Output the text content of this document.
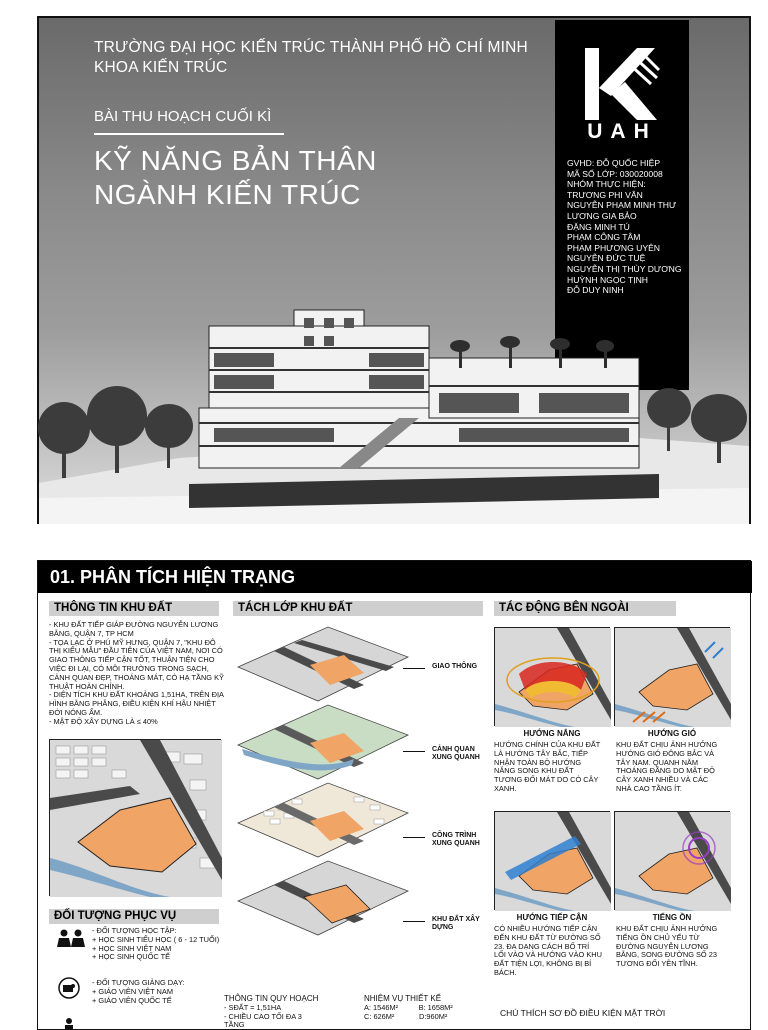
TRƯỜNG ĐẠI HỌC KIẾN TRÚC THÀNH PHỐ HỒ CHÍ MINH
KHOA KIẾN TRÚC
BÀI THU HOẠCH CUỐI KÌ
KỸ NĂNG BẢN THÂN
NGÀNH KIẾN TRÚC
UAH
GVHD: ĐỖ QUỐC HIỆP
MÃ SỐ LỚP: 030020008
NHÓM THỰC HIỆN:
TRƯƠNG PHI VÂN
NGUYỄN PHẠM MINH THƯ
LƯƠNG GIA BẢO
ĐẶNG MINH TÚ
PHẠM CÔNG TÂM
PHẠM PHƯƠNG UYÊN
NGUYỄN ĐỨC TUỆ
NGUYỄN THỊ THÙY DƯƠNG
HUỲNH NGỌC TỊNH
ĐỖ DUY NINH
01. PHÂN TÍCH HIỆN TRẠNG
THÔNG TIN KHU ĐẤT
- KHU ĐẤT TIẾP GIÁP ĐƯỜNG NGUYỄN LƯƠNG
BẰNG, QUẬN 7, TP HCM
- TỌA LẠC Ở PHÚ MỸ HƯNG, QUẬN 7, "KHU ĐÔ
THỊ KIỂU MẪU" ĐẦU TIÊN CỦA VIỆT NAM, NƠI CÓ
GIAO THÔNG TIẾP CẬN TỐT, THUẬN TIỆN CHO
VIỆC ĐI LẠI, CÓ MÔI TRƯỜNG TRONG SẠCH,
CẢNH QUAN ĐẸP, THOÁNG MÁT, CÓ HẠ TẦNG KỸ
THUẬT HOÀN CHỈNH.
- DIỆN TÍCH KHU ĐẤT KHOẢNG 1,51HA, TRÊN ĐỊA
HÌNH BẰNG PHẲNG, ĐIỀU KIỆN KHÍ HẬU NHIỆT
ĐỚI NÓNG ẨM.
- MẬT ĐỘ XÂY DỰNG LÀ ≤ 40%
ĐỐI TƯỢNG PHỤC VỤ
- ĐỐI TƯỢNG HỌC TẬP:
+ HỌC SINH TIỂU HỌC ( 6 - 12 TUỔI)
+ HỌC SINH VIỆT NAM
+ HỌC SINH QUỐC TẾ
- ĐỐI TƯỢNG GIẢNG DẠY:
+ GIÁO VIÊN VIỆT NAM
+ GIÁO VIÊN QUỐC TẾ
TÁCH LỚP KHU ĐẤT
GIAO THÔNG
CẢNH QUAN XUNG QUANH
CÔNG TRÌNH XUNG QUANH
KHU ĐẤT XÂY DỰNG
THÔNG TIN QUY HOẠCH
- SĐẤT = 1,51HA
- CHIỀU CAO TỐI ĐA 3 TẦNG
NHIỆM VỤ THIẾT KẾ
A: 1546M²          B: 1658M²
C: 626M²            D:960M²
TÁC ĐỘNG BÊN NGOÀI
HƯỚNG NẮNG	HƯỚNG GIÓ
HƯỚNG CHÍNH CỦA KHU ĐẤT
LÀ HƯỚNG TÂY BẮC, TIẾP
NHẬN TOÀN BỘ HƯỚNG
NẮNG SONG KHU ĐẤT
TƯƠNG ĐỐI MÁT DO CÓ CÂY
XANH.
KHU ĐẤT CHỊU ẢNH HƯỞNG
HƯỚNG GIÓ ĐÔNG BẮC VÀ
TÂY NAM. QUANH NĂM
THOÁNG ĐÃNG DO MẬT ĐỘ
CÂY XANH NHIỀU VÀ CÁC
NHÀ CAO TẦNG ÍT.
HƯỚNG TIẾP CẬN	TIẾNG ỒN
CÓ NHIỀU HƯỚNG TIẾP CẬN
ĐẾN KHU ĐẤT TỪ ĐƯỜNG SỐ
23. ĐA DẠNG CÁCH BỐ TRÍ
LỐI VÀO VÀ HƯỚNG VÀO KHU
ĐẤT TIỆN LỢI, KHÔNG BỊ BÍ
BÁCH.
KHU ĐẤT CHỊU ẢNH HƯỞNG
TIẾNG ỒN CHỦ YẾU TỪ
ĐƯỜNG NGUYỄN LƯƠNG
BẰNG, SONG ĐƯỜNG SỐ 23
TƯƠNG ĐỐI YÊN TĨNH.
CHÚ THÍCH SƠ ĐỒ ĐIỀU KIỆN MẶT TRỜI
